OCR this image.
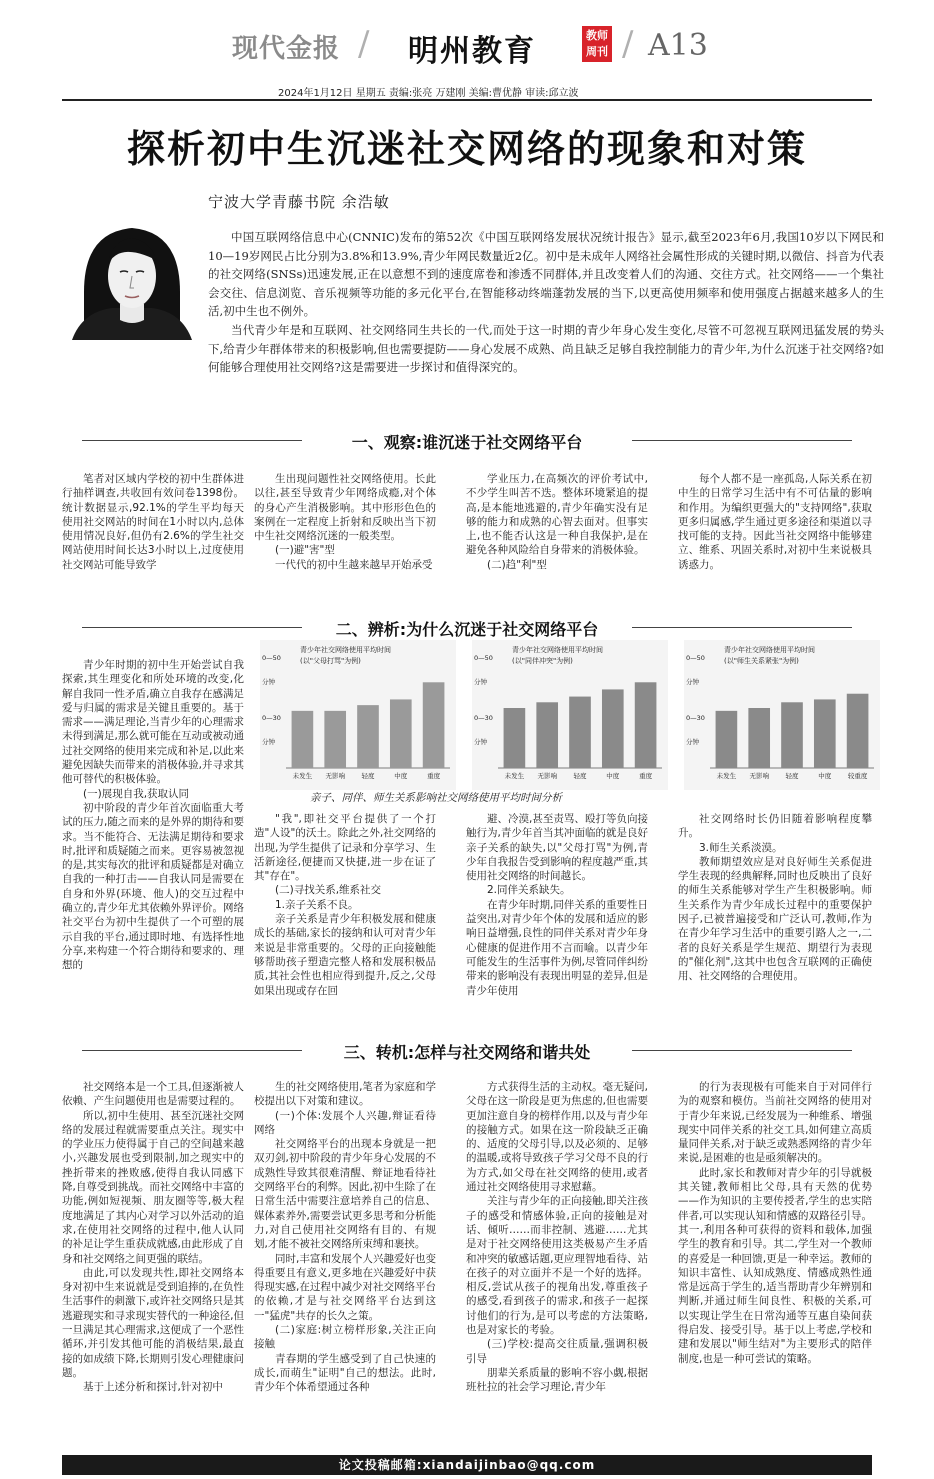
现代金报 / 明州教育	教师
周刊 / A13
2024年1月12日 星期五 责编:张亮 万建刚 美编:曹优静 审读:邱立波
探析初中生沉迷社交网络的现象和对策
宁波大学青藤书院 余浩敏

中国互联网络信息中心(CNNIC)发布的第52次《中国互联网络发展状况统计报告》显示,截至2023年6月,我国10岁以下网民和10—19岁网民占比分别为3.8%和13.9%,青少年网民数量近2亿。初中是未成年人网络社会属性形成的关键时期,以微信、抖音为代表的社交网络(SNSs)迅速发展,正在以意想不到的速度席卷和渗透不同群体,并且改变着人们的沟通、交往方式。社交网络——一个集社会交往、信息浏览、音乐视频等功能的多元化平台,在智能移动终端蓬勃发展的当下,以更高使用频率和使用强度占据越来越多人的生活,初中生也不例外。

当代青少年是和互联网、社交网络同生共长的一代,而处于这一时期的青少年身心发生变化,尽管不可忽视互联网迅猛发展的势头下,给青少年群体带来的积极影响,但也需要提防——身心发展不成熟、尚且缺乏足够自我控制能力的青少年,为什么沉迷于社交网络?如何能够合理使用社交网络?这是需要进一步探讨和值得深究的。

一、观察:谁沉迷于社交网络平台

笔者对区域内学校的初中生群体进行抽样调查,共收回有效问卷1398份。统计数据显示,92.1%的学生平均每天使用社交网站的时间在1小时以内,总体使用情况良好,但仍有2.6%的学生社交网站使用时间长达3小时以上,过度使用社交网站可能导致学

生出现问题性社交网络使用。长此以往,甚至导致青少年网络成瘾,对个体的身心产生消极影响。其中形形色色的案例在一定程度上折射和反映出当下初中生社交网络沉迷的一般类型。

(一)避"害"型

一代代的初中生越来越早开始承受

学业压力,在高频次的评价考试中,不少学生叫苦不迭。整体环境紧追的提高,是本能地逃避的,青少年确实没有足够的能力和成熟的心智去面对。但事实上,也不能否认这是一种自我保护,是在避免各种风险给自身带来的消极体验。

(二)趋"利"型

每个人都不是一座孤岛,人际关系在初中生的日常学习生活中有不可估量的影响和作用。为编织更强大的"支持网络",获取更多归属感,学生通过更多途径和渠道以寻找可能的支持。因此当社交网络中能够建立、维系、巩固关系时,对初中生来说极具诱惑力。

二、辨析:为什么沉迷于社交网络平台

青少年时期的初中生开始尝试自我探索,其生理变化和所处环境的改变,化解自我同一性矛盾,确立自我存在感满足爱与归属的需求是关键且重要的。基于需求——满足理论,当青少年的心理需求未得到满足,那么就可能在互动或被动通过社交网络的使用来完成和补足,以此来避免因缺失而带来的消极体验,并寻求其他可替代的积极体验。

(一)展现自我,获取认同

初中阶段的青少年首次面临重大考试的压力,随之而来的是外界的期待和要求。当不能符合、无法满足期待和要求时,批评和质疑随之而来。更容易被忽视的是,其实每次的批评和质疑都是对确立自我的一种打击——自我认同是需要在自身和外界(环境、他人)的交互过程中确立的,青少年尤其依赖外界评价。网络社交平台为初中生提供了一个可塑的展示自我的平台,通过即时地、有选择性地分享,来构建一个符合期待和要求的、理想的

青少年社交网络使用平均时间
(以"父母打骂"为例)
0—50
分钟
0—30
分钟
未发生 无影响	轻度	中度	重度
青少年社交网络使用平均时间
(以"同伴冲突"为例)
0—50
分钟
0—30
分钟
未发生 无影响	轻度	中度	重度
青少年社交网络使用平均时间
(以"师生关系紧张"为例)
0—50
分钟
0—30
分钟
未发生 无影响	轻度	中度	较重度
亲子、同伴、师生关系影响社交网络使用平均时间分析

"我",即社交平台提供了一个打造"人设"的沃土。除此之外,社交网络的出现,为学生提供了记录和分享学习、生活新途径,便捷而又快捷,进一步在证了其"存在"。

(二)寻找关系,维系社交

1.亲子关系不良。

亲子关系是青少年积极发展和健康成长的基础,家长的接纳和认可对青少年来说是非常重要的。父母的正向接触能够帮助孩子塑造完整人格和发展积极品质,其社会性也相应得到提升,反之,父母如果出现或存在回

避、冷漠,甚至责骂、殴打等负向接触行为,青少年首当其冲面临的就是良好亲子关系的缺失,以"父母打骂"为例,青少年自我报告受到影响的程度越严重,其使用社交网络的时间越长。

2.同伴关系缺失。

在青少年时期,同伴关系的重要性日益突出,对青少年个体的发展和适应的影响日益增强,良性的同伴关系对青少年身心健康的促进作用不言而喻。以青少年可能发生的生活事件为例,尽管同伴纠纷带来的影响没有表现出明显的差异,但是青少年使用

社交网络时长仍旧随着影响程度攀升。

3.师生关系淡漠。

教师期望效应是对良好师生关系促进学生表现的经典解释,同时也反映出了良好的师生关系能够对学生产生积极影响。师生关系作为青少年成长过程中的重要保护因子,已被普遍接受和广泛认可,教师,作为在青少年学习生活中的重要引路人之一,二者的良好关系是学生规范、期望行为表现的"催化剂",这其中也包含互联网的正确使用、社交网络的合理使用。

三、转机:怎样与社交网络和谐共处

社交网络本是一个工具,但逐渐被人依赖、产生问题使用也是需要过程的。

所以,初中生使用、甚至沉迷社交网络的发展过程就需要重点关注。现实中的学业压力使得属于自己的空间越来越小,兴趣发展也受到限制,加之现实中的挫折带来的挫败感,使得自我认同感下降,自尊受到挑战。而社交网络中丰富的功能,例如短视频、朋友圈等等,极大程度地满足了其内心对学习以外活动的追求,在使用社交网络的过程中,他人认同的补足让学生重获成就感,由此形成了自身和社交网络之间更强的联结。

由此,可以发现共性,即社交网络本身对初中生来说就是受到追捧的,在负性生活事件的刺激下,或许社交网络只是其逃避现实和寻求现实替代的一种途径,但一旦满足其心理需求,这便成了一个恶性循环,并引发其他可能的消极结果,最直接的如成绩下降,长期则引发心理健康问题。

基于上述分析和探讨,针对初中

生的社交网络使用,笔者为家庭和学校提出以下对策和建议。

(一)个体:发展个人兴趣,辩证看待网络

社交网络平台的出现本身就是一把双刃剑,初中阶段的青少年身心发展的不成熟性导致其很难清醒、辩证地看待社交网络平台的利弊。因此,初中生除了在日常生活中需要注意培养自己的信息、媒体素养外,需要尝试更多思考和分析能力,对自己使用社交网络有目的、有规划,才能不被社交网络所束缚和裹挟。

同时,丰富和发展个人兴趣爱好也变得重要且有意义,更多地在兴趣爱好中获得现实感,在过程中减少对社交网络平台的依赖,才是与社交网络平台达到这一"猛虎"共存的长久之策。

(二)家庭:树立榜样形象,关注正向接触

青春期的学生感受到了自己快速的成长,而萌生"证明"自己的想法。此时,青少年个体希望通过各种

方式获得生活的主动权。毫无疑问,父母在这一阶段是更为焦虑的,但也需要更加注意自身的榜样作用,以及与青少年的接触方式。如果在这一阶段缺乏正确的、适度的父母引导,以及必须的、足够的温暖,或将导致孩子学习父母不良的行为方式,如父母在社交网络的使用,或者通过社交网络使用寻求慰藉。

关注与青少年的正向接触,即关注孩子的感受和情感体验,正向的接触是对话、倾听……而非控制、逃避……尤其是对于社交网络使用这类极易产生矛盾和冲突的敏感话题,更应理智地看待、站在孩子的对立面并不是一个好的选择。相反,尝试从孩子的视角出发,尊重孩子的感受,看到孩子的需求,和孩子一起探讨他们的行为,是可以考虑的方法策略,也是对家长的考验。

(三)学校:提高交往质量,强调积极引导

朋辈关系质量的影响不容小觑,根据班杜拉的社会学习理论,青少年

的行为表现极有可能来自于对同伴行为的观察和模仿。当前社交网络的使用对于青少年来说,已经发展为一种维系、增强现实中同伴关系的社交工具,如何建立高质量同伴关系,对于缺乏或熟悉网络的青少年来说,是困难的也是亟须解决的。

此时,家长和教师对青少年的引导就极其关键,教师相比父母,具有天然的优势——作为知识的主要传授者,学生的忠实陪伴者,可以实现认知和情感的双路径引导。其一,利用各种可获得的资料和载体,加强学生的教育和引导。其二,学生对一个教师的喜爱是一种回馈,更是一种幸运。教师的知识丰富性、认知成熟度、情感成熟性通常是远高于学生的,适当帮助青少年辨别和判断,并通过师生间良性、积极的关系,可以实现让学生在日常沟通等互惠自染间获得启发、接受引导。基于以上考虑,学校和建和发展以"师生结对"为主要形式的陪伴制度,也是一种可尝试的策略。

论文投稿邮箱:xiandaijinbao@qq.com
